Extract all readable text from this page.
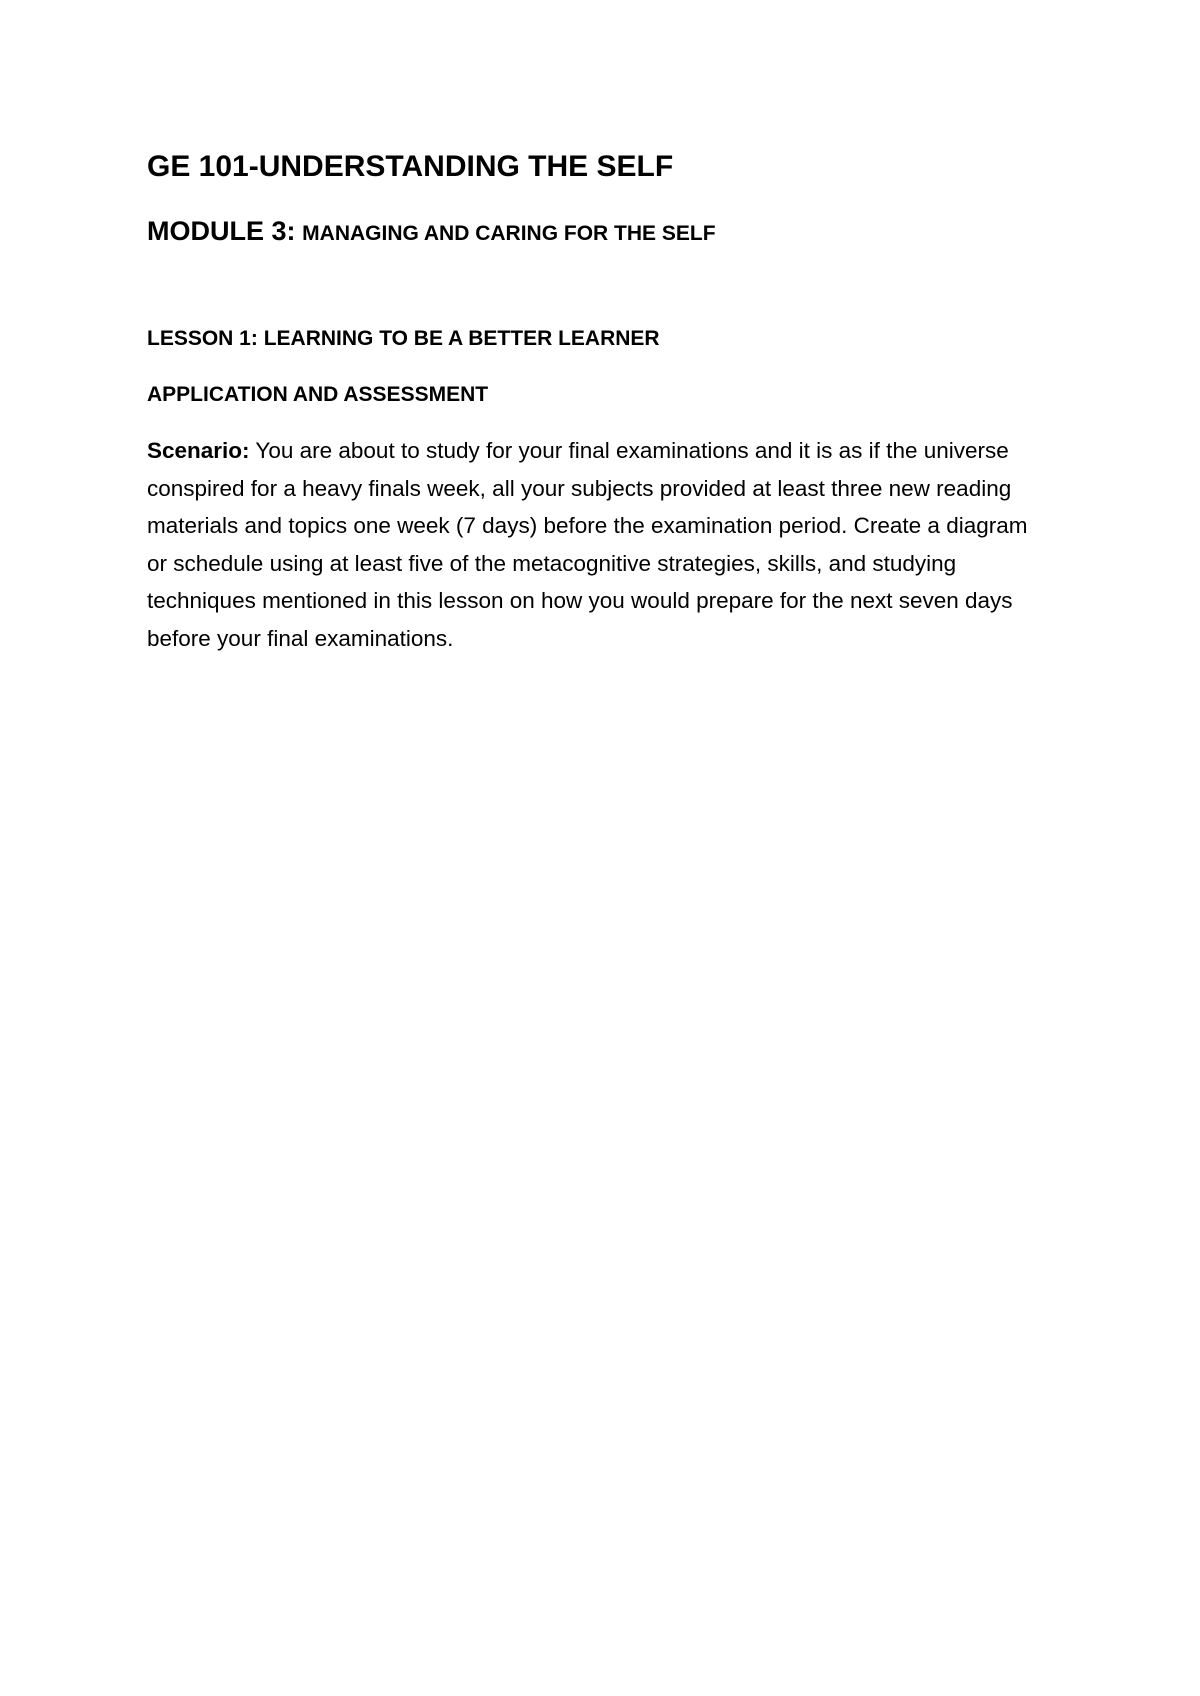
GE 101-UNDERSTANDING THE SELF
MODULE 3: MANAGING AND CARING FOR THE SELF
LESSON 1: LEARNING TO BE A BETTER LEARNER
APPLICATION AND ASSESSMENT

Scenario: You are about to study for your final examinations and it is as if the universe conspired for a heavy finals week, all your subjects provided at least three new reading materials and topics one week (7 days) before the examination period. Create a diagram or schedule using at least five of the metacognitive strategies, skills, and studying techniques mentioned in this lesson on how you would prepare for the next seven days before your final examinations.
